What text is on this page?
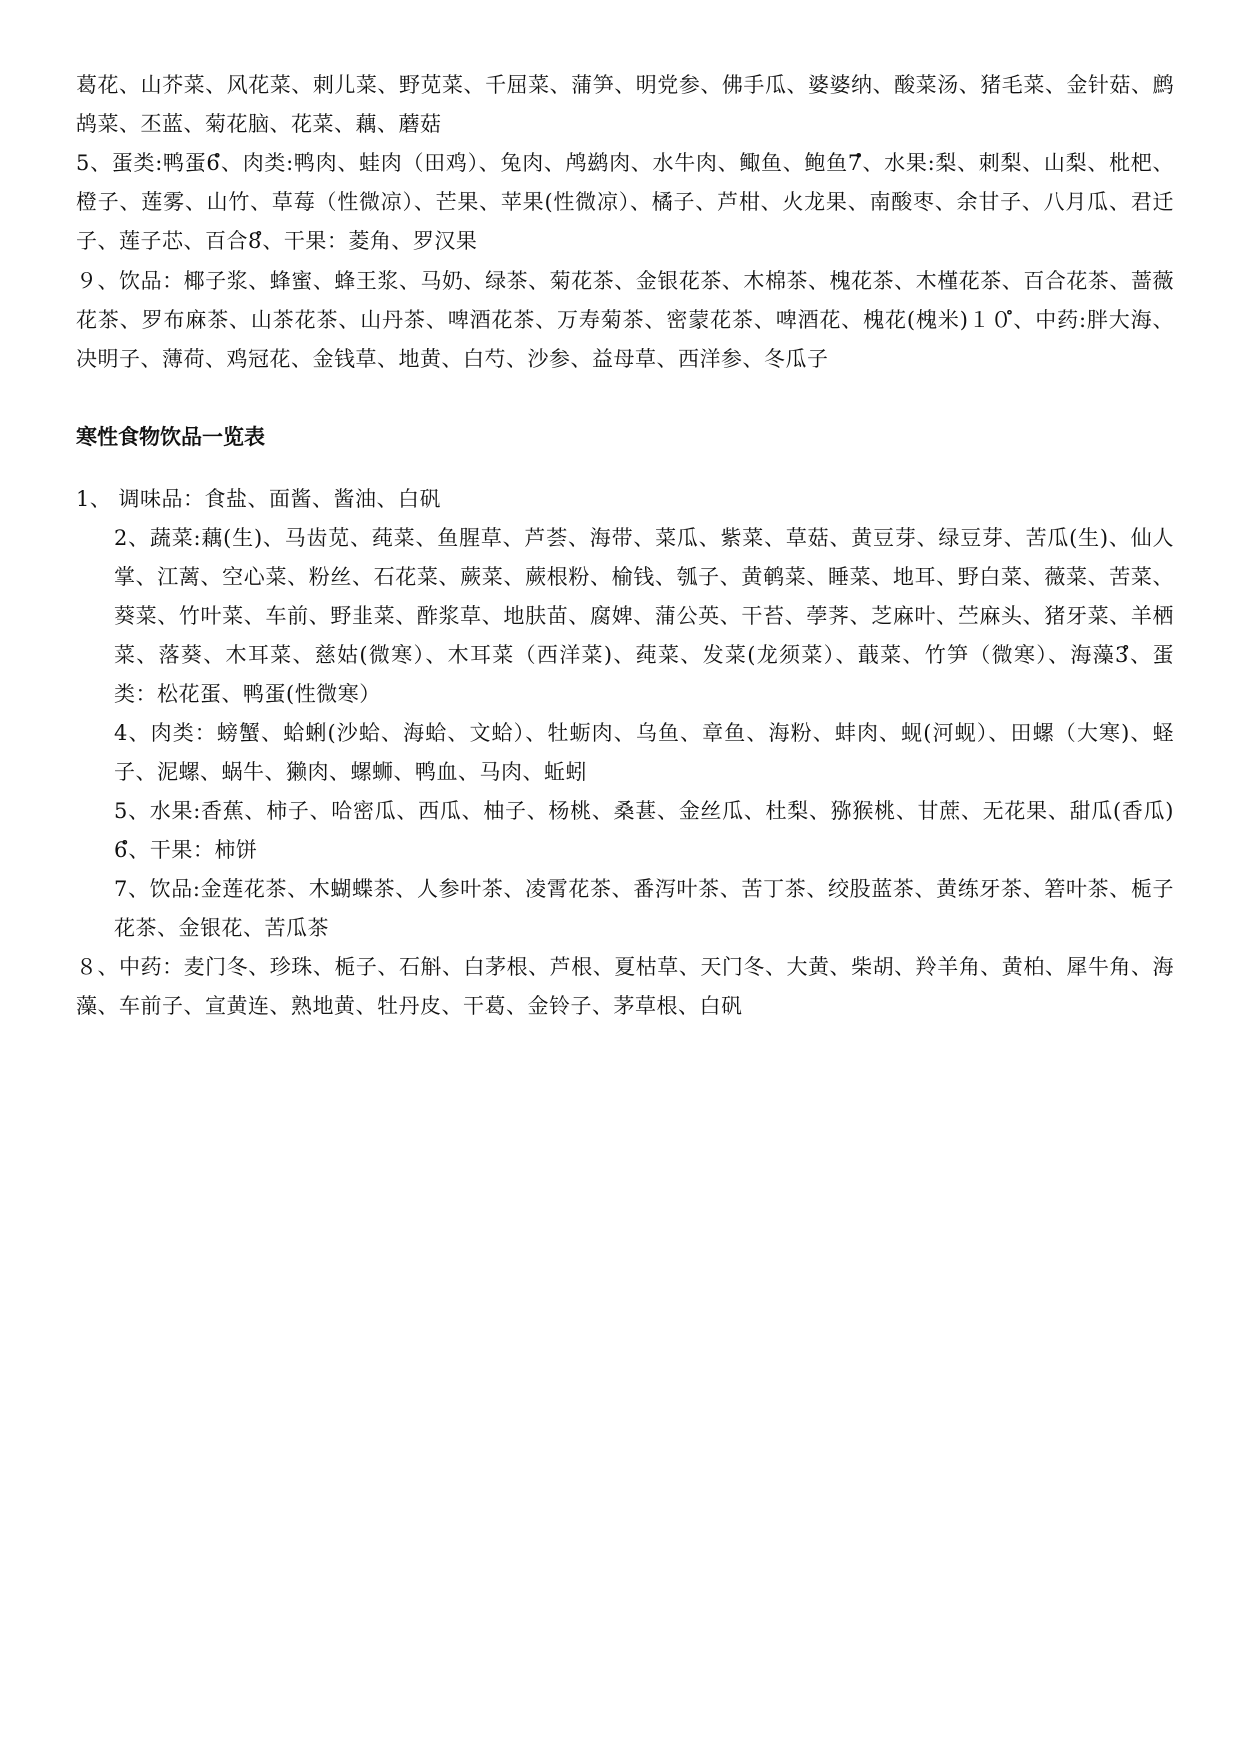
葛花、山芥菜、风花菜、刺儿菜、野苋菜、千屈菜、蒲笋、明党参、佛手瓜、婆婆纳、酸菜汤、猪毛菜、金针菇、鹧鸪菜、丕蓝、菊花脑、花菜、藕、蘑菇

5、蛋类:鸭蛋6ํ、肉类:鸭肉、蛙肉（田鸡）、兔肉、鸬鹚肉、水牛肉、鲰鱼、鲍鱼7ํ、水果:梨、刺梨、山梨、枇杷、橙子、莲雾、山竹、草莓（性微凉）、芒果、苹果(性微凉）、橘子、芦柑、火龙果、南酸枣、余甘子、八月瓜、君迁子、莲子芯、百合8ํ、干果：菱角、罗汉果

９、饮品：椰子浆、蜂蜜、蜂王浆、马奶、绿茶、菊花茶、金银花茶、木棉茶、槐花茶、木槿花茶、百合花茶、蔷薇花茶、罗布麻茶、山茶花茶、山丹茶、啤酒花茶、万寿菊茶、密蒙花茶、啤酒花、槐花(槐米)１０ํ、中药:胖大海、决明子、薄荷、鸡冠花、金钱草、地黄、白芍、沙参、益母草、西洋参、冬瓜子

寒性食物饮品一览表

1、 调味品：食盐、面酱、酱油、白矾

2、蔬菜:藕(生)、马齿苋、莼菜、鱼腥草、芦荟、海带、菜瓜、紫菜、草菇、黄豆芽、绿豆芽、苦瓜(生)、仙人掌、江蓠、空心菜、粉丝、石花菜、蕨菜、蕨根粉、榆钱、瓠子、黄鹌菜、睡菜、地耳、野白菜、薇菜、苦菜、葵菜、竹叶菜、车前、野韭菜、酢浆草、地肤苗、腐婢、蒲公英、干苔、荸荠、芝麻叶、苎麻头、猪牙菜、羊栖菜、落葵、木耳菜、慈姑(微寒）、木耳菜（西洋菜)、莼菜、发菜(龙须菜）、蕺菜、竹笋（微寒）、海藻3ํ、蛋类：松花蛋、鸭蛋(性微寒）

4、肉类：螃蟹、蛤蜊(沙蛤、海蛤、文蛤）、牡蛎肉、乌鱼、章鱼、海粉、蚌肉、蚬(河蚬）、田螺（大寒)、蛏子、泥螺、蜗牛、獭肉、螺蛳、鸭血、马肉、蚯蚓

5、水果:香蕉、柿子、哈密瓜、西瓜、柚子、杨桃、桑葚、金丝瓜、杜梨、猕猴桃、甘蔗、无花果、甜瓜(香瓜)6ํ、干果：柿饼

7、饮品:金莲花茶、木蝴蝶茶、人参叶茶、凌霄花茶、番泻叶茶、苦丁茶、绞股蓝茶、黄练牙茶、箬叶茶、栀子花茶、金银花、苦瓜茶

８、中药：麦门冬、珍珠、栀子、石斛、白茅根、芦根、夏枯草、天门冬、大黄、柴胡、羚羊角、黄柏、犀牛角、海藻、车前子、宣黄连、熟地黄、牡丹皮、干葛、金铃子、茅草根、白矾
